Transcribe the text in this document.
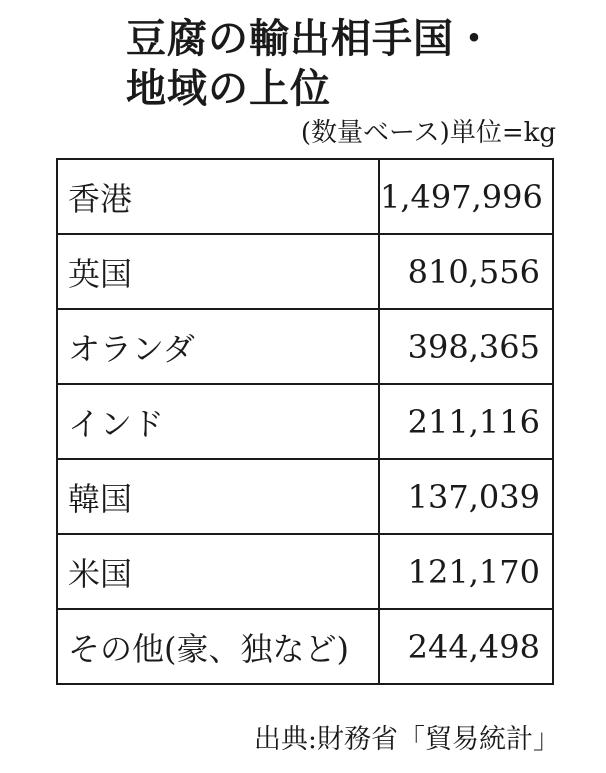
豆腐の輸出相手国・
地域の上位
(数量ベース)単位=kg
香港	1,497,996
英国	810,556
オランダ	398,365
インド	211,116
韓国	137,039
米国	121,170
その他(豪、独など)	244,498
出典:財務省「貿易統計」
